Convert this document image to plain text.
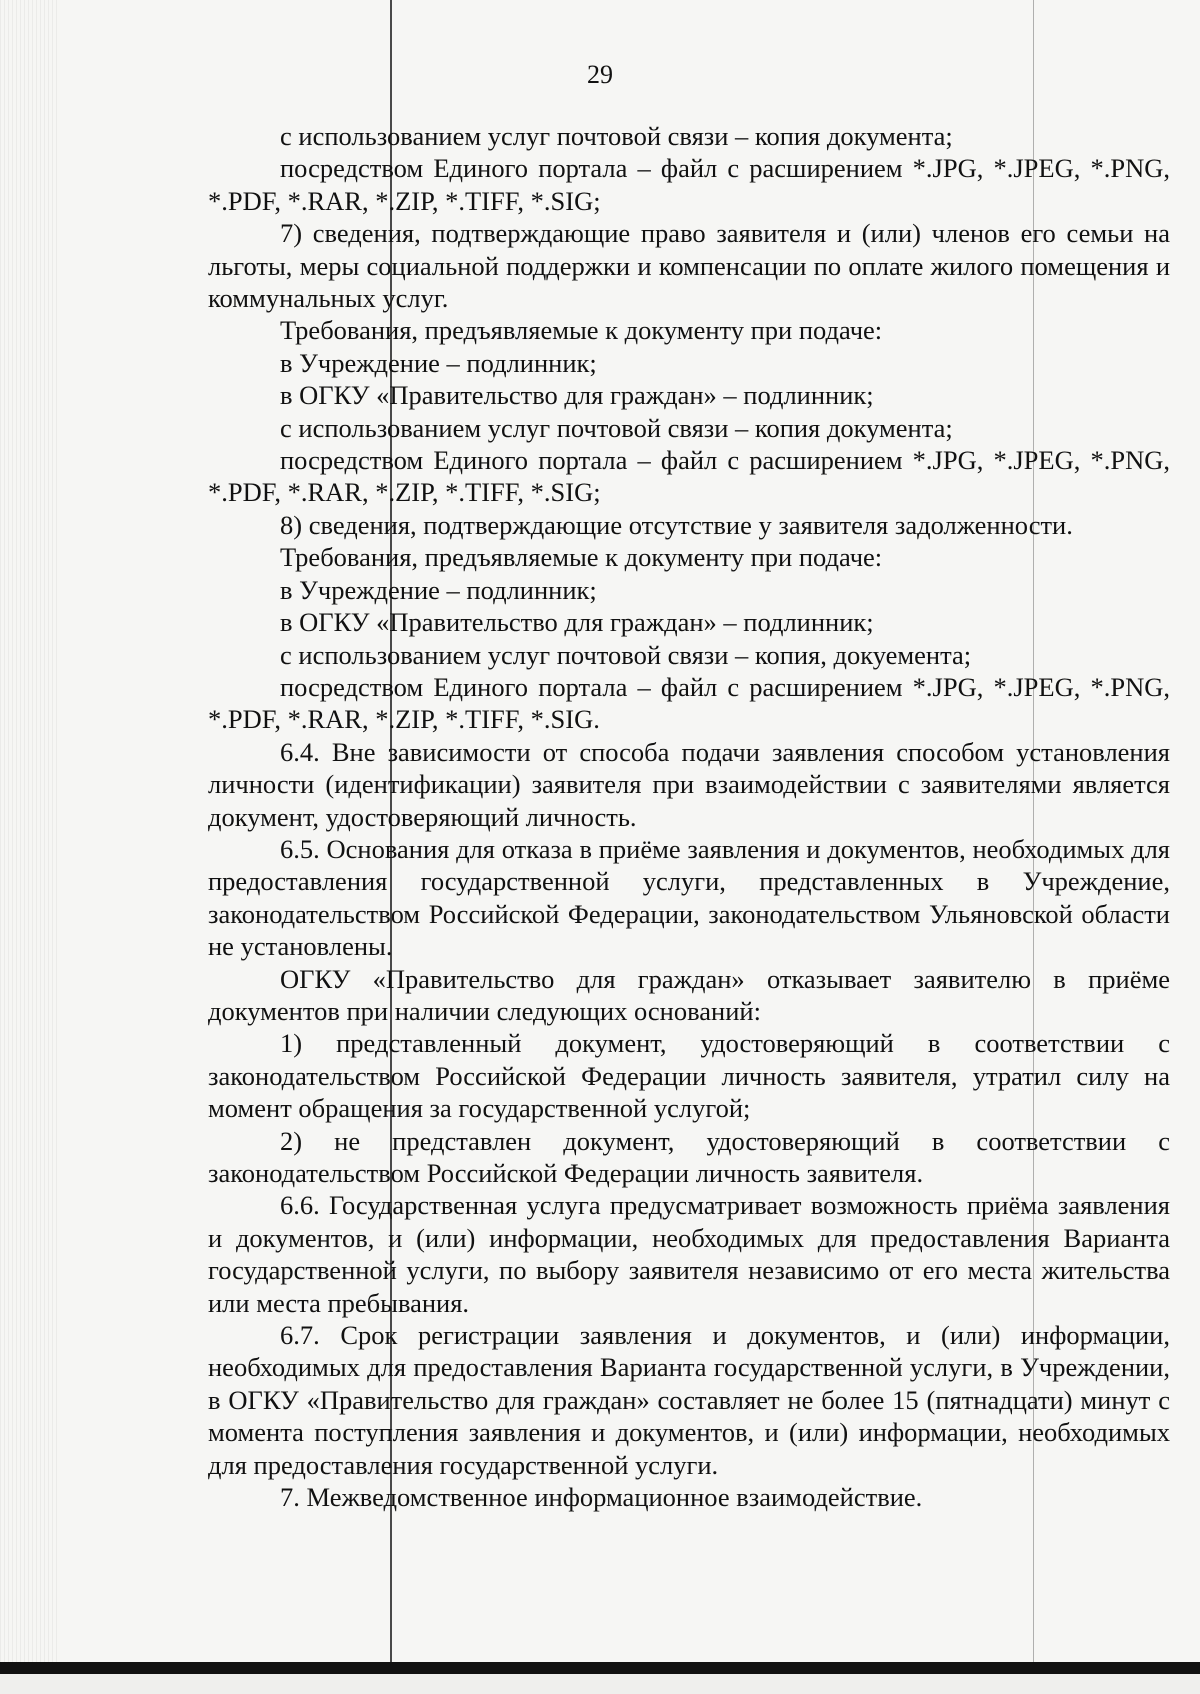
29

с использованием услуг почтовой связи – копия документа;

посредством Единого портала – файл с расширением *.JPG, *.JPEG, *.PNG, *.PDF, *.RAR, *.ZIP, *.TIFF, *.SIG;

7) сведения, подтверждающие право заявителя и (или) членов его семьи на льготы, меры социальной поддержки и компенсации по оплате жилого помещения и коммунальных услуг.

Требования, предъявляемые к документу при подаче:

в Учреждение – подлинник;

в ОГКУ «Правительство для граждан» – подлинник;

с использованием услуг почтовой связи – копия документа;

посредством Единого портала – файл с расширением *.JPG, *.JPEG, *.PNG, *.PDF, *.RAR, *.ZIP, *.TIFF, *.SIG;

8) сведения, подтверждающие отсутствие у заявителя задолженности.

Требования, предъявляемые к документу при подаче:

в Учреждение – подлинник;

в ОГКУ «Правительство для граждан» – подлинник;

с использованием услуг почтовой связи – копия, докуемента;

посредством Единого портала – файл с расширением *.JPG, *.JPEG, *.PNG, *.PDF, *.RAR, *.ZIP, *.TIFF, *.SIG.

6.4. Вне зависимости от способа подачи заявления способом установления личности (идентификации) заявителя при взаимодействии с заявителями является документ, удостоверяющий личность.

6.5. Основания для отказа в приёме заявления и документов, необходимых для предоставления государственной услуги, представленных в Учреждение, законодательством Российской Федерации, законодательством Ульяновской области не установлены.

ОГКУ «Правительство для граждан» отказывает заявителю в приёме документов при наличии следующих оснований:

1) представленный документ, удостоверяющий в соответствии с законодательством Российской Федерации личность заявителя, утратил силу на момент обращения за государственной услугой;

2) не представлен документ, удостоверяющий в соответствии с законодательством Российской Федерации личность заявителя.

6.6. Государственная услуга предусматривает возможность приёма заявления и документов, и (или) информации, необходимых для предоставления Варианта государственной услуги, по выбору заявителя независимо от его места жительства или места пребывания.

6.7. Срок регистрации заявления и документов, и (или) информации, необходимых для предоставления Варианта государственной услуги, в Учреждении, в ОГКУ «Правительство для граждан» составляет не более 15 (пятнадцати) минут с момента поступления заявления и документов, и (или) информации, необходимых для предоставления государственной услуги.

7. Межведомственное информационное взаимодействие.
